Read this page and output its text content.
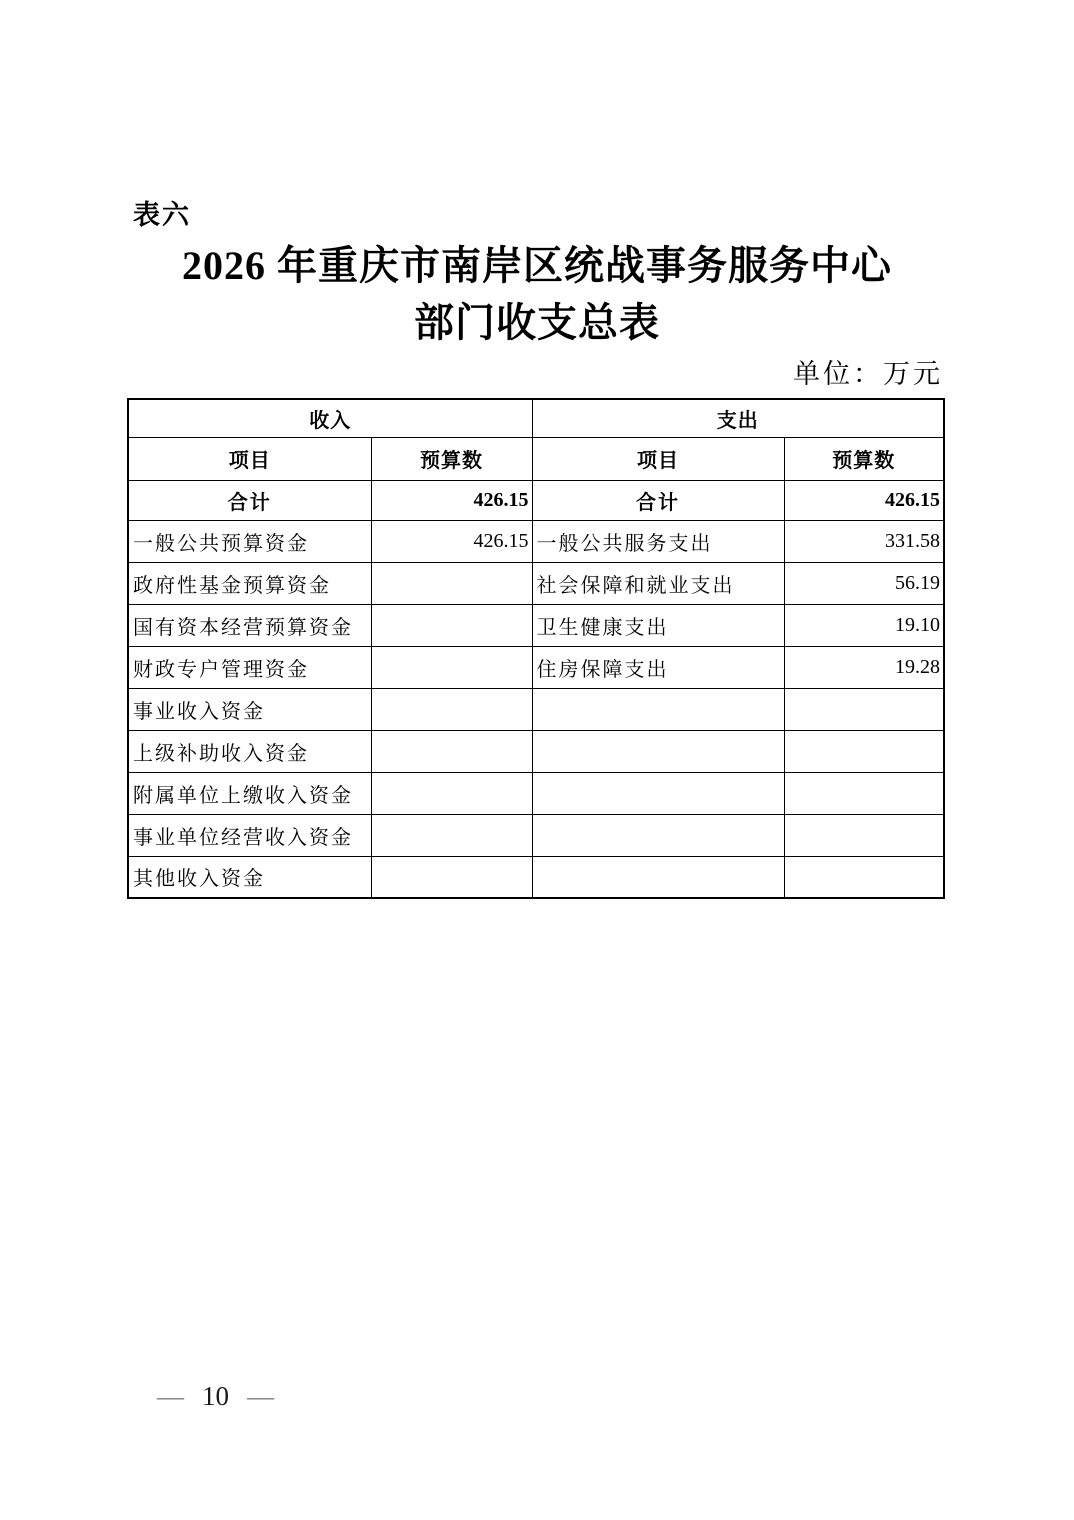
表六
2026 年重庆市南岸区统战事务服务中心
部门收支总表
单位：万元
收入		支出	
项目	预算数	项目	预算数
合计	426.15	合计	426.15
一般公共预算资金	426.15	一般公共服务支出	331.58
政府性基金预算资金		社会保障和就业支出	56.19
国有资本经营预算资金		卫生健康支出	19.10
财政专户管理资金		住房保障支出	19.28
事业收入资金			
上级补助收入资金			
附属单位上缴收入资金			
事业单位经营收入资金			
其他收入资金			
— 10 —
